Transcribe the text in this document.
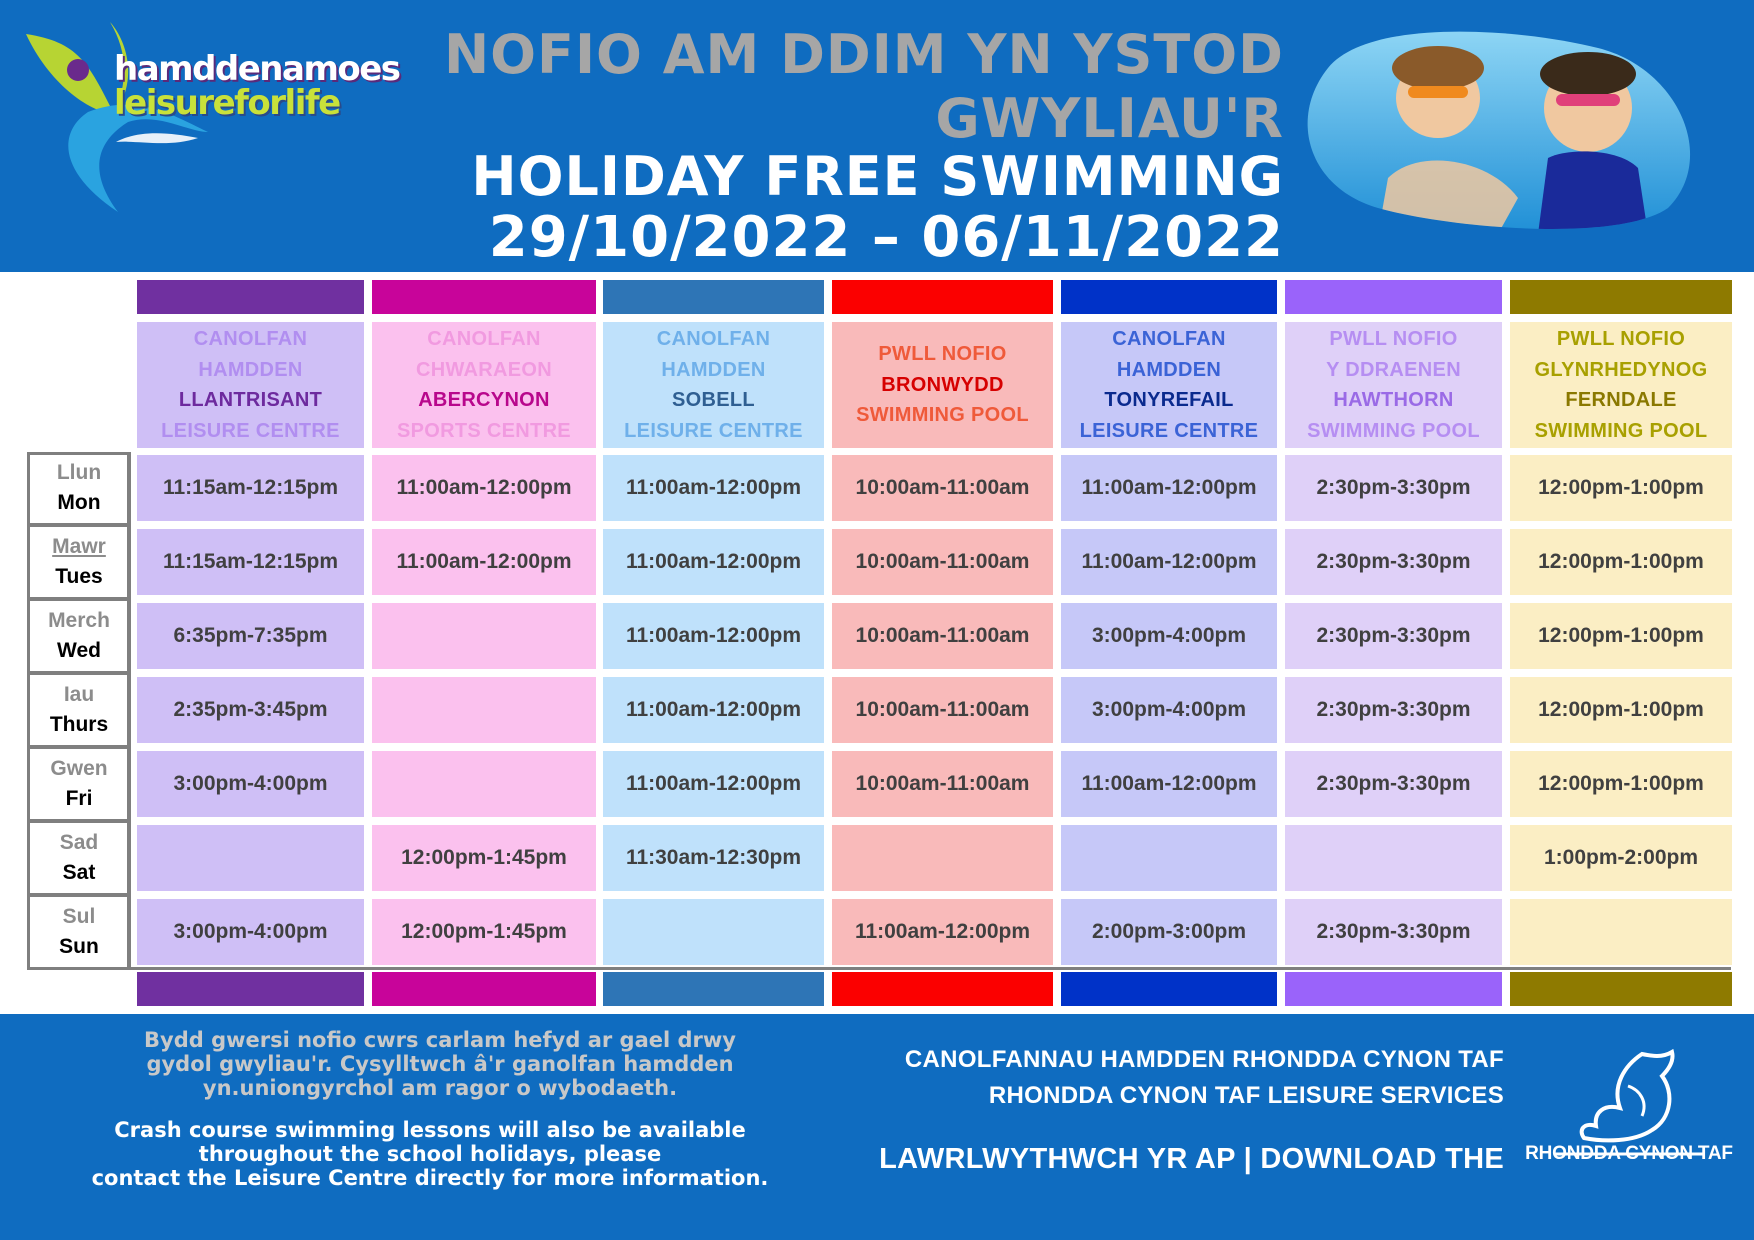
hamddenamoes
leisureforlife
NOFIO AM DDIM YN YSTOD
GWYLIAU'R
HOLIDAY FREE SWIMMING
29/10/2022 – 06/11/2022
CANOLFAN
HAMDDEN
LLANTRISANT
LEISURE CENTRE
11:15am-12:15pm
11:15am-12:15pm
6:35pm-7:35pm
2:35pm-3:45pm
3:00pm-4:00pm
3:00pm-4:00pm
CANOLFAN
CHWARAEON
ABERCYNON
SPORTS CENTRE
11:00am-12:00pm
11:00am-12:00pm
12:00pm-1:45pm
12:00pm-1:45pm
CANOLFAN
HAMDDEN
SOBELL
LEISURE CENTRE
11:00am-12:00pm
11:00am-12:00pm
11:00am-12:00pm
11:00am-12:00pm
11:00am-12:00pm
11:30am-12:30pm
PWLL NOFIO
BRONWYDD
SWIMMING POOL
10:00am-11:00am
10:00am-11:00am
10:00am-11:00am
10:00am-11:00am
10:00am-11:00am
11:00am-12:00pm
CANOLFAN
HAMDDEN
TONYREFAIL
LEISURE CENTRE
11:00am-12:00pm
11:00am-12:00pm
3:00pm-4:00pm
3:00pm-4:00pm
11:00am-12:00pm
2:00pm-3:00pm
PWLL NOFIO
Y DDRAENEN
HAWTHORN
SWIMMING POOL
2:30pm-3:30pm
2:30pm-3:30pm
2:30pm-3:30pm
2:30pm-3:30pm
2:30pm-3:30pm
2:30pm-3:30pm
PWLL NOFIO
GLYNRHEDYNOG
FERNDALE
SWIMMING POOL
12:00pm-1:00pm
12:00pm-1:00pm
12:00pm-1:00pm
12:00pm-1:00pm
12:00pm-1:00pm
1:00pm-2:00pm
Llun
Mon
Mawr
Tues
Merch
Wed
Iau
Thurs
Gwen
Fri
Sad
Sat
Sul
Sun
Bydd gwersi nofio cwrs carlam hefyd ar gael drwy
gydol gwyliau'r. Cysylltwch â'r ganolfan hamdden
yn.uniongyrchol am ragor o wybodaeth.
Crash course swimming lessons will also be available
throughout the school holidays, please
contact the Leisure Centre directly for more information.
CANOLFANNAU HAMDDEN RHONDDA CYNON TAF
RHONDDA CYNON TAF LEISURE SERVICES
LAWRLWYTHWCH YR AP | DOWNLOAD THE RHONDDA CYNON TAF
